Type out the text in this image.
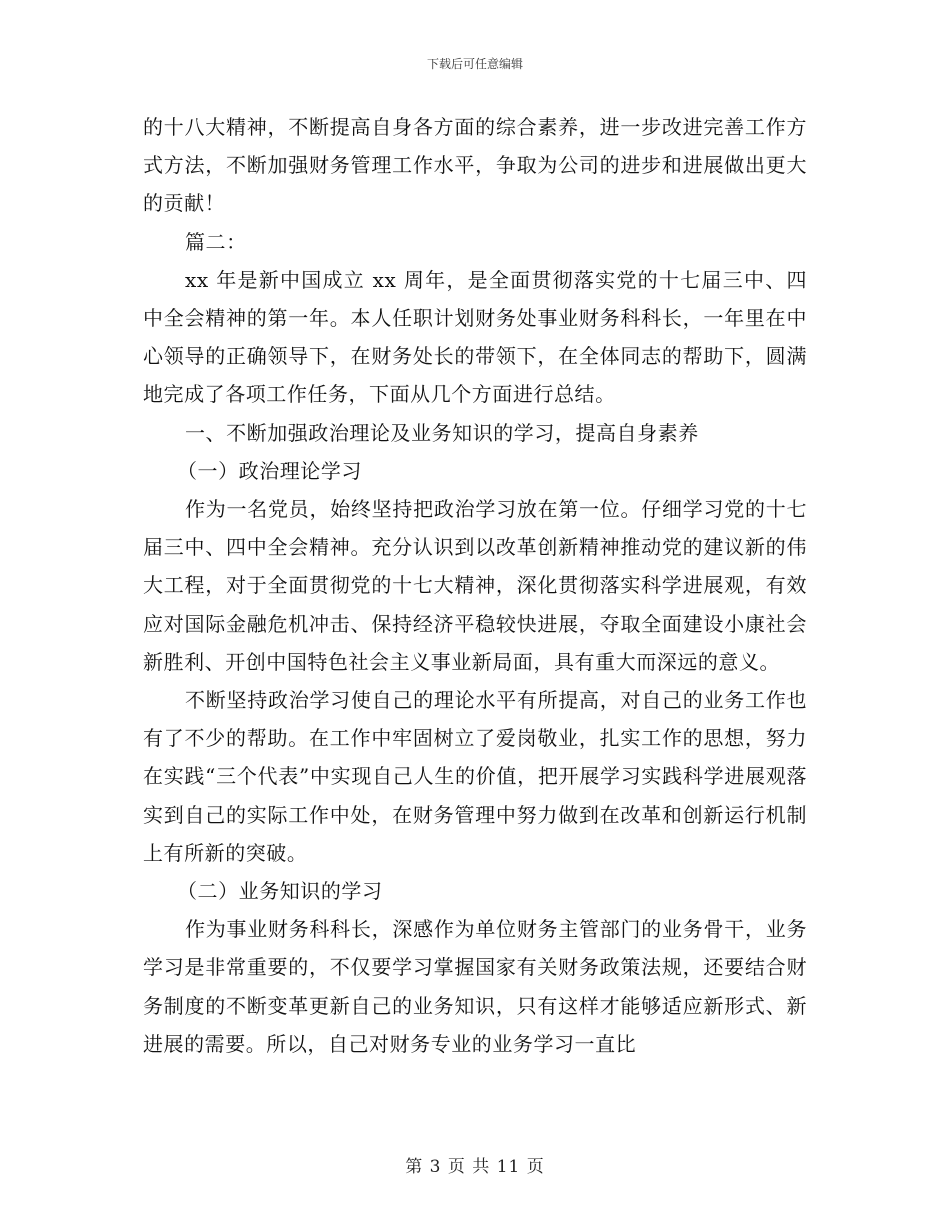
下载后可任意编辑

的十八大精神，不断提高自身各方面的综合素养，进一步改进完善工作方式方法，不断加强财务管理工作水平，争取为公司的进步和进展做出更大的贡献！

篇二：

xx 年是新中国成立 xx 周年，是全面贯彻落实党的十七届三中、四中全会精神的第一年。本人任职计划财务处事业财务科科长，一年里在中心领导的正确领导下，在财务处长的带领下，在全体同志的帮助下，圆满地完成了各项工作任务，下面从几个方面进行总结。

一、不断加强政治理论及业务知识的学习，提高自身素养

（一）政治理论学习

作为一名党员，始终坚持把政治学习放在第一位。仔细学习党的十七届三中、四中全会精神。充分认识到以改革创新精神推动党的建议新的伟大工程，对于全面贯彻党的十七大精神，深化贯彻落实科学进展观，有效应对国际金融危机冲击、保持经济平稳较快进展，夺取全面建设小康社会新胜利、开创中国特色社会主义事业新局面，具有重大而深远的意义。

不断坚持政治学习使自己的理论水平有所提高，对自己的业务工作也有了不少的帮助。在工作中牢固树立了爱岗敬业，扎实工作的思想，努力在实践“三个代表”中实现自己人生的价值，把开展学习实践科学进展观落实到自己的实际工作中处，在财务管理中努力做到在改革和创新运行机制上有所新的突破。

（二）业务知识的学习

作为事业财务科科长，深感作为单位财务主管部门的业务骨干，业务学习是非常重要的，不仅要学习掌握国家有关财务政策法规，还要结合财务制度的不断变革更新自己的业务知识，只有这样才能够适应新形式、新进展的需要。所以，自己对财务专业的业务学习一直比

第 3 页 共 11 页
